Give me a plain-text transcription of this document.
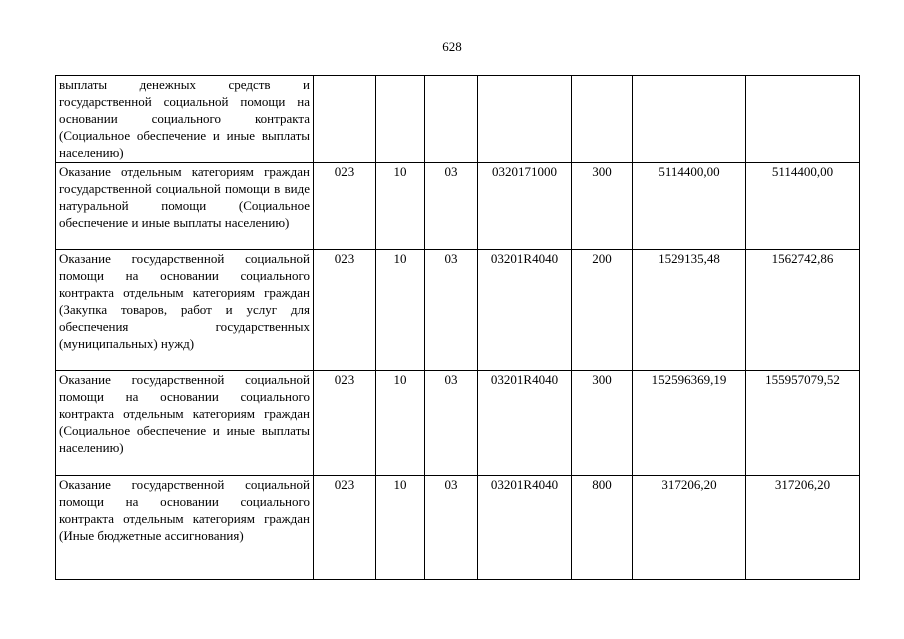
628
выплаты денежных средств и государственной социальной помощи на основании социального контракта (Социальное обеспечение и иные выплаты населению)							
Оказание отдельным категориям граждан государственной социальной помощи в виде натуральной помощи (Социальное обеспечение и иные выплаты населению)	023	10	03	0320171000	300	5114400,00	5114400,00
Оказание государственной социальной помощи на основании социального контракта отдельным категориям граждан (Закупка товаров, работ и услуг для обеспечения государственных (муниципальных) нужд)	023	10	03	03201R4040	200	1529135,48	1562742,86
Оказание государственной социальной помощи на основании социального контракта отдельным категориям граждан (Социальное обеспечение и иные выплаты населению)	023	10	03	03201R4040	300	152596369,19	155957079,52
Оказание государственной социальной помощи на основании социального контракта отдельным категориям граждан (Иные бюджетные ассигнования)	023	10	03	03201R4040	800	317206,20	317206,20
